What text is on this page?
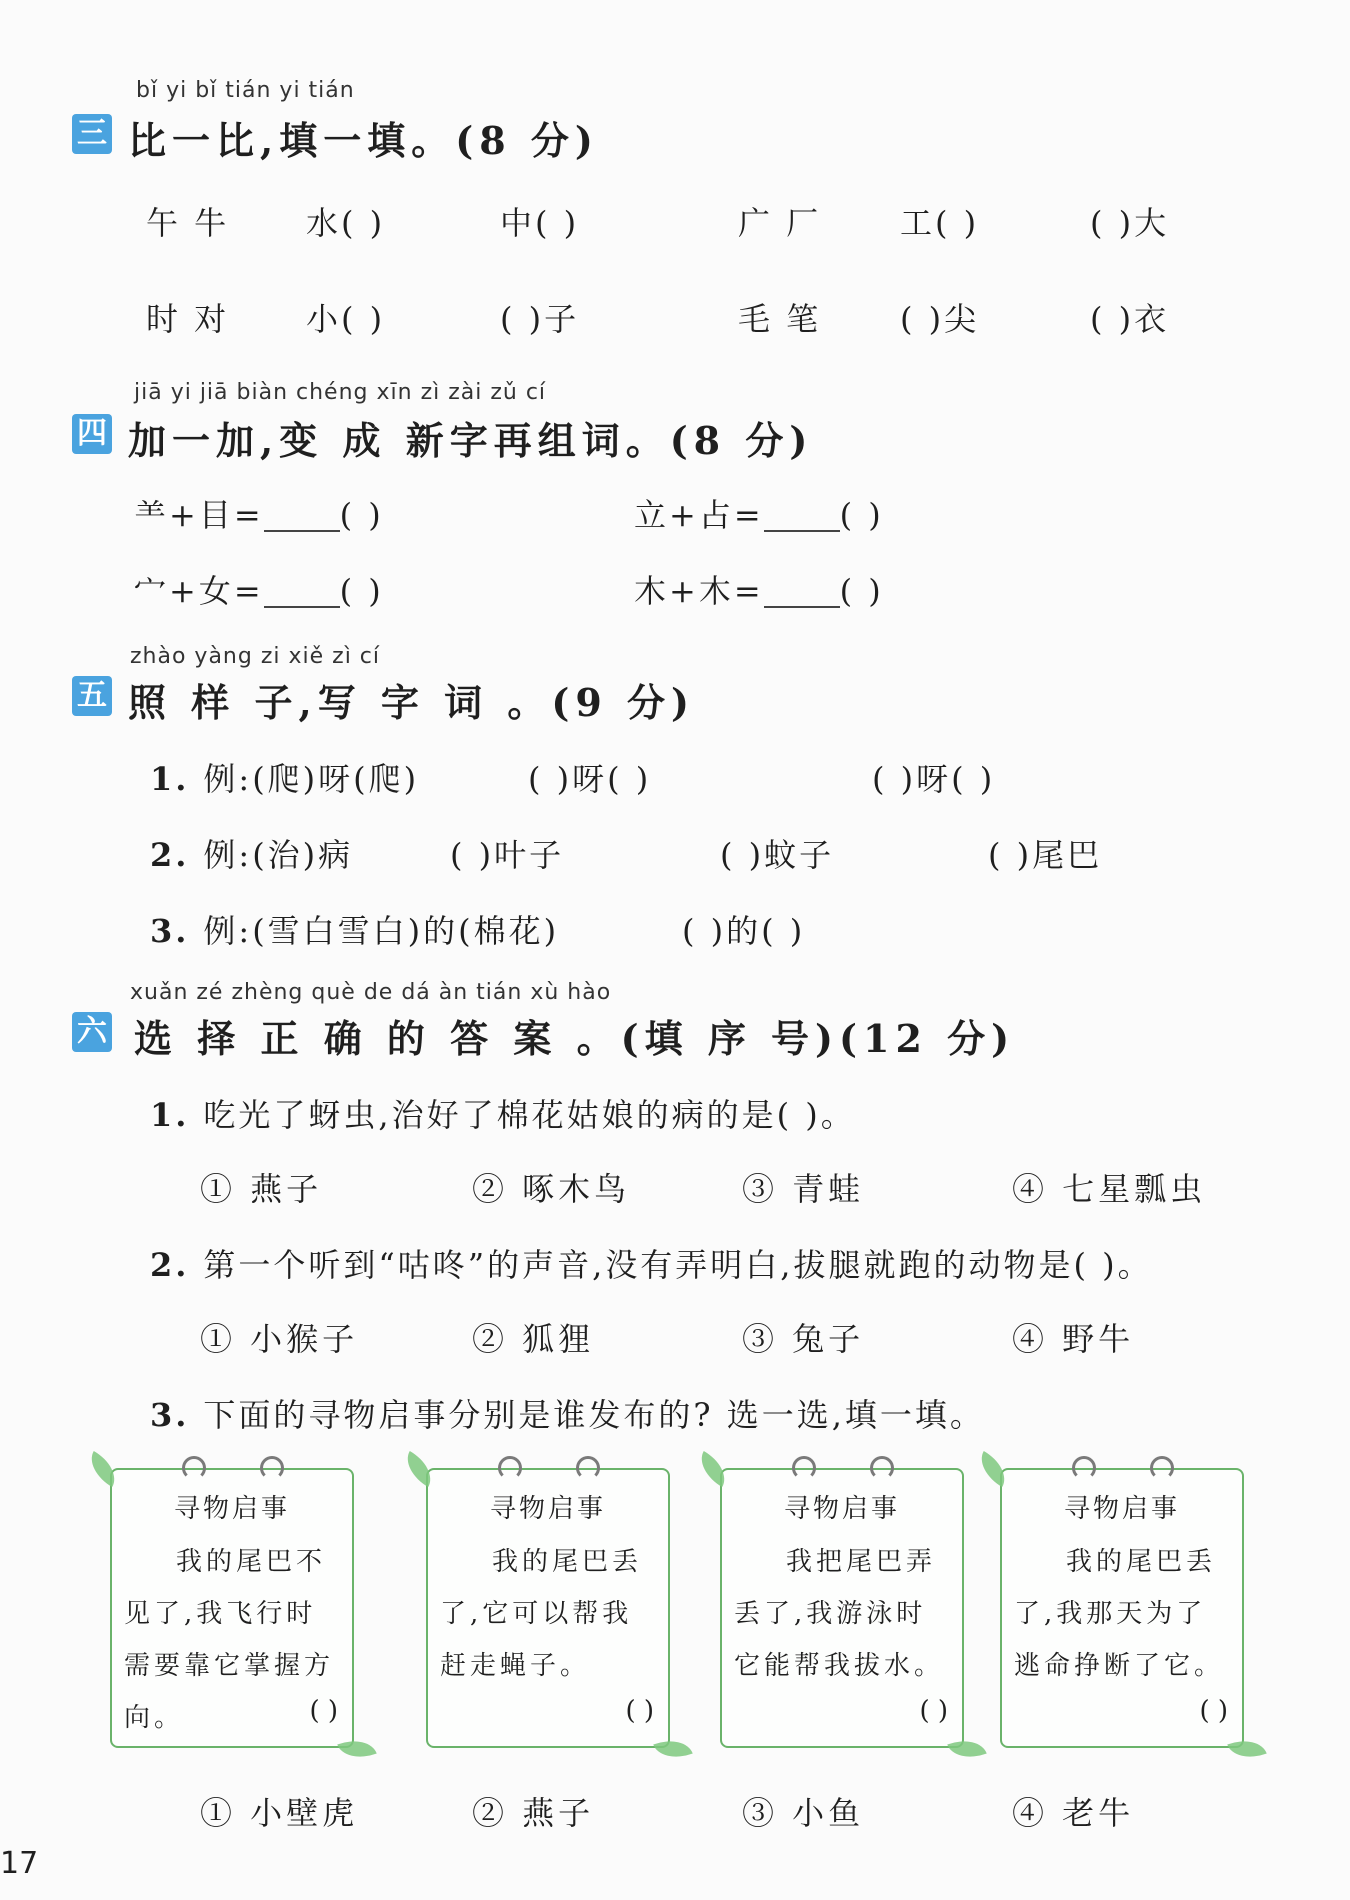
bǐ yi bǐ tián yi tián
三 比一比,填一填。(8 分)
午 牛 水( )	中( )	广 厂 工( )	( )大
时 对 小( )	( )子	毛 笔 ( )尖	( )衣
jiā yi jiā biàn chéng xīn zì zài zǔ cí
四 加一加,变 成 新字再组词。(8 分)
⺷+目= ( )	立+占= ( )
宀+女= ( )	木+木= ( )
zhào yàng zi xiě zì cí
五 照 样 子,写 字 词 。(9 分)
1. 例:(爬)呀(爬)	( )呀( )	( )呀( )
2. 例:(治)病	( )叶子	( )蚊子	( )尾巴
3. 例:(雪白雪白)的(棉花)	( )的( )
xuǎn zé zhèng què de dá àn tián xù hào
六 选 择 正 确 的 答 案 。(填 序 号)(12 分)
1. 吃光了蚜虫,治好了棉花姑娘的病的是( )。
① 燕子	② 啄木鸟	③ 青蛙	④ 七星瓢虫
2. 第一个听到“咕咚”的声音,没有弄明白,拔腿就跑的动物是( )。
① 小猴子	② 狐狸	③ 兔子	④ 野牛
3. 下面的寻物启事分别是谁发布的? 选一选,填一填。
寻物启事
我的尾巴不见了,我飞行时需要靠它掌握方向。	( )
寻物启事
我的尾巴丢了,它可以帮我赶走蝇子。
( )
寻物启事
我把尾巴弄丢了,我游泳时它能帮我拔水。
( )
寻物启事
我的尾巴丢了,我那天为了逃命挣断了它。
( )
① 小壁虎	② 燕子	③ 小鱼	④ 老牛
17
